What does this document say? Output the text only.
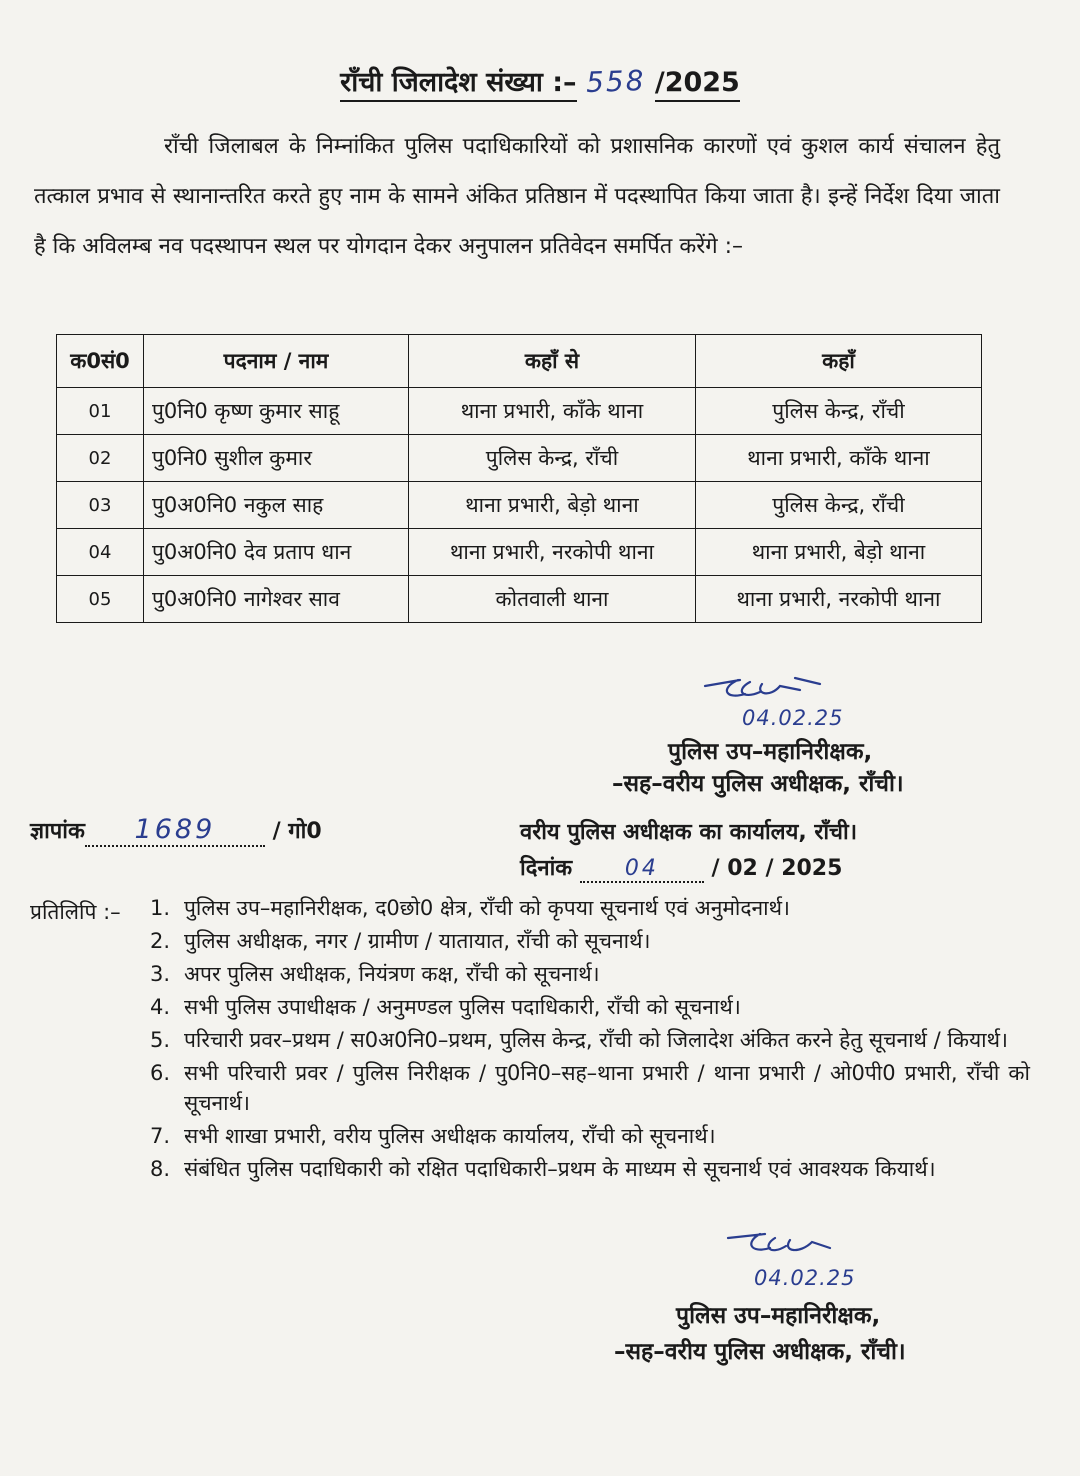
राँची जिलादेश संख्या :– 558 /2025
राँची जिलाबल के निम्नांकित पुलिस पदाधिकारियों को प्रशासनिक कारणों एवं कुशल कार्य संचालन हेतु तत्काल प्रभाव से स्थानान्तरित करते हुए नाम के सामने अंकित प्रतिष्ठान में पदस्थापित किया जाता है। इन्हें निर्देश दिया जाता है कि अविलम्ब नव पदस्थापन स्थल पर योगदान देकर अनुपालन प्रतिवेदन समर्पित करेंगे :–
क0सं0	पदनाम / नाम	कहाँ से	कहाँ
01	पु0नि0 कृष्ण कुमार साहू	थाना प्रभारी, काँके थाना	पुलिस केन्द्र, राँची
02	पु0नि0 सुशील कुमार	पुलिस केन्द्र, राँची	थाना प्रभारी, काँके थाना
03	पु0अ0नि0 नकुल साह	थाना प्रभारी, बेड़ो थाना	पुलिस केन्द्र, राँची
04	पु0अ0नि0 देव प्रताप धान	थाना प्रभारी, नरकोपी थाना	थाना प्रभारी, बेड़ो थाना
05	पु0अ0नि0 नागेश्वर साव	कोतवाली थाना	थाना प्रभारी, नरकोपी थाना
04.02.25
पुलिस उप–महानिरीक्षक,
–सह–वरीय पुलिस अधीक्षक, राँची।
ज्ञापांक 1689	/ गो0	वरीय पुलिस अधीक्षक का कार्यालय, राँची।
दिनांक 04 / 02 / 2025
प्रतिलिपि :– 1. पुलिस उप–महानिरीक्षक, द0छो0 क्षेत्र, राँची को कृपया सूचनार्थ एवं अनुमोदनार्थ।
2. पुलिस अधीक्षक, नगर / ग्रामीण / यातायात, राँची को सूचनार्थ।
3. अपर पुलिस अधीक्षक, नियंत्रण कक्ष, राँची को सूचनार्थ।
4. सभी पुलिस उपाधीक्षक / अनुमण्डल पुलिस पदाधिकारी, राँची को सूचनार्थ।
5. परिचारी प्रवर–प्रथम / स0अ0नि0–प्रथम, पुलिस केन्द्र, राँची को जिलादेश अंकित करने हेतु सूचनार्थ / कियार्थ।
6. सभी परिचारी प्रवर / पुलिस निरीक्षक / पु0नि0–सह–थाना प्रभारी / थाना प्रभारी / ओ0पी0 प्रभारी, राँची को सूचनार्थ।
7. सभी शाखा प्रभारी, वरीय पुलिस अधीक्षक कार्यालय, राँची को सूचनार्थ।
8. संबंधित पुलिस पदाधिकारी को रक्षित पदाधिकारी–प्रथम के माध्यम से सूचनार्थ एवं आवश्यक कियार्थ।
04.02.25
पुलिस उप–महानिरीक्षक,
–सह–वरीय पुलिस अधीक्षक, राँची।
